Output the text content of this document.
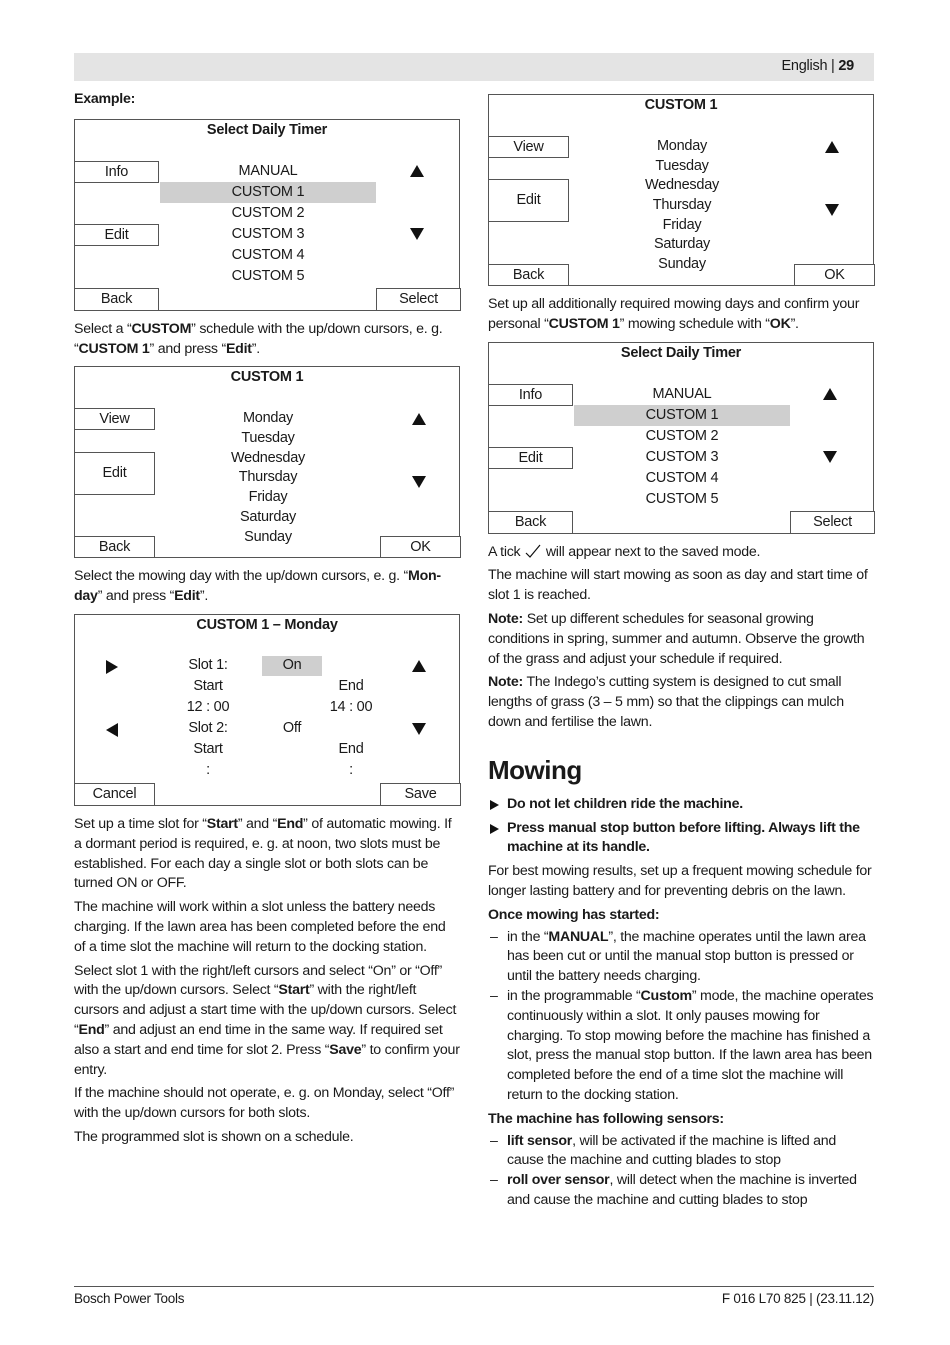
English | 29

Example:

Select Daily Timer
Info
Edit
Back	Select
MANUAL
CUSTOM 1
CUSTOM 2
CUSTOM 3
CUSTOM 4
CUSTOM 5

Select a “CUSTOM” schedule with the up/down cursors, e. g. “CUSTOM 1” and press “Edit”.

CUSTOM 1
View
Edit
Back	OK
Monday
Tuesday
Wednesday
Thursday
Friday
Saturday
Sunday

Select the mowing day with the up/down cursors, e. g. “Mon-day” and press “Edit”.

CUSTOM 1 – Monday
Slot 1:	On
Start	End
12 : 00	14 : 00
Slot 2:	Off
Start	End
:	:
Cancel	Save

Set up a time slot for “Start” and “End” of automatic mowing. If a dormant period is required, e. g. at noon, two slots must be established. For each day a single slot or both slots can be turned ON or OFF.

The machine will work within a slot unless the battery needs charging. If the lawn area has been completed before the end of a time slot the machine will return to the docking station.

Select slot 1 with the right/left cursors and select “On” or “Off” with the up/down cursors. Select “Start” with the right/left cursors and adjust a start time with the up/down cursors. Select “End” and adjust an end time in the same way. If required set also a start and end time for slot 2. Press “Save” to confirm your entry.

If the machine should not operate, e. g. on Monday, select “Off” with the up/down cursors for both slots.

The programmed slot is shown on a schedule.

CUSTOM 1
View
Edit
Back	OK
Monday
Tuesday
Wednesday
Thursday
Friday
Saturday
Sunday

Set up all additionally required mowing days and confirm your personal “CUSTOM 1” mowing schedule with “OK”.

Select Daily Timer
Info
Edit
Back	Select
MANUAL
CUSTOM 1
CUSTOM 2
CUSTOM 3
CUSTOM 4
CUSTOM 5

A tick will appear next to the saved mode.

The machine will start mowing as soon as day and start time of slot 1 is reached.

Note: Set up different schedules for seasonal growing conditions in spring, summer and autumn. Observe the growth of the grass and adjust your schedule if required.

Note: The Indego’s cutting system is designed to cut small lengths of grass (3 – 5 mm) so that the clippings can mulch down and fertilise the lawn.

Mowing
Do not let children ride the machine.
Press manual stop button before lifting. Always lift the machine at its handle.

For best mowing results, set up a frequent mowing schedule for longer lasting battery and for preventing debris on the lawn.

Once mowing has started:

– in the “MANUAL”, the machine operates until the lawn area has been cut or until the manual stop button is pressed or until the battery needs charging.
– in the programmable “Custom” mode, the machine operates continuously within a slot. It only pauses mowing for charging. To stop mowing before the machine has finished a slot, press the manual stop button. If the lawn area has been completed before the end of a time slot the machine will return to the docking station.

The machine has following sensors:

– lift sensor, will be activated if the machine is lifted and cause the machine and cutting blades to stop
– roll over sensor, will detect when the machine is inverted and cause the machine and cutting blades to stop
Bosch Power Tools	F 016 L70 825 | (23.11.12)
